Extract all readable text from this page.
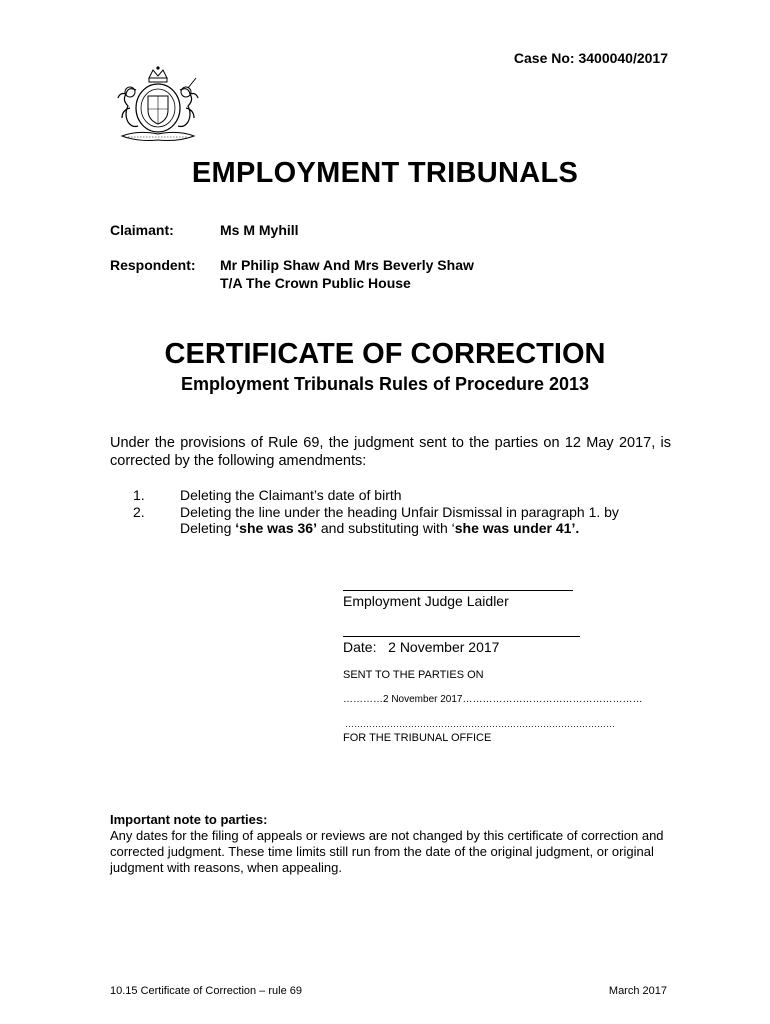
Case No: 3400040/2017
EMPLOYMENT TRIBUNALS
Claimant:	Ms M Myhill
Respondent: Mr Philip Shaw And Mrs Beverly Shaw
T/A The Crown Public House
CERTIFICATE OF CORRECTION
Employment Tribunals Rules of Procedure 2013
Under the provisions of Rule 69, the judgment sent to the parties on 12 May 2017, is corrected by the following amendments:
1.	Deleting the Claimant’s date of birth
2.	Deleting the line under the heading Unfair Dismissal in paragraph 1. by
Deleting ‘she was 36’ and substituting with ‘she was under 41’.
Employment Judge Laidler
Date: 2 November 2017
SENT TO THE PARTIES ON
…………2 November 2017………………………………………………
………………………………………………………………………………
FOR THE TRIBUNAL OFFICE
Important note to parties:
Any dates for the filing of appeals or reviews are not changed by this certificate of correction and corrected judgment. These time limits still run from the date of the original judgment, or original judgment with reasons, when appealing.
10.15 Certificate of Correction – rule 69	March 2017
